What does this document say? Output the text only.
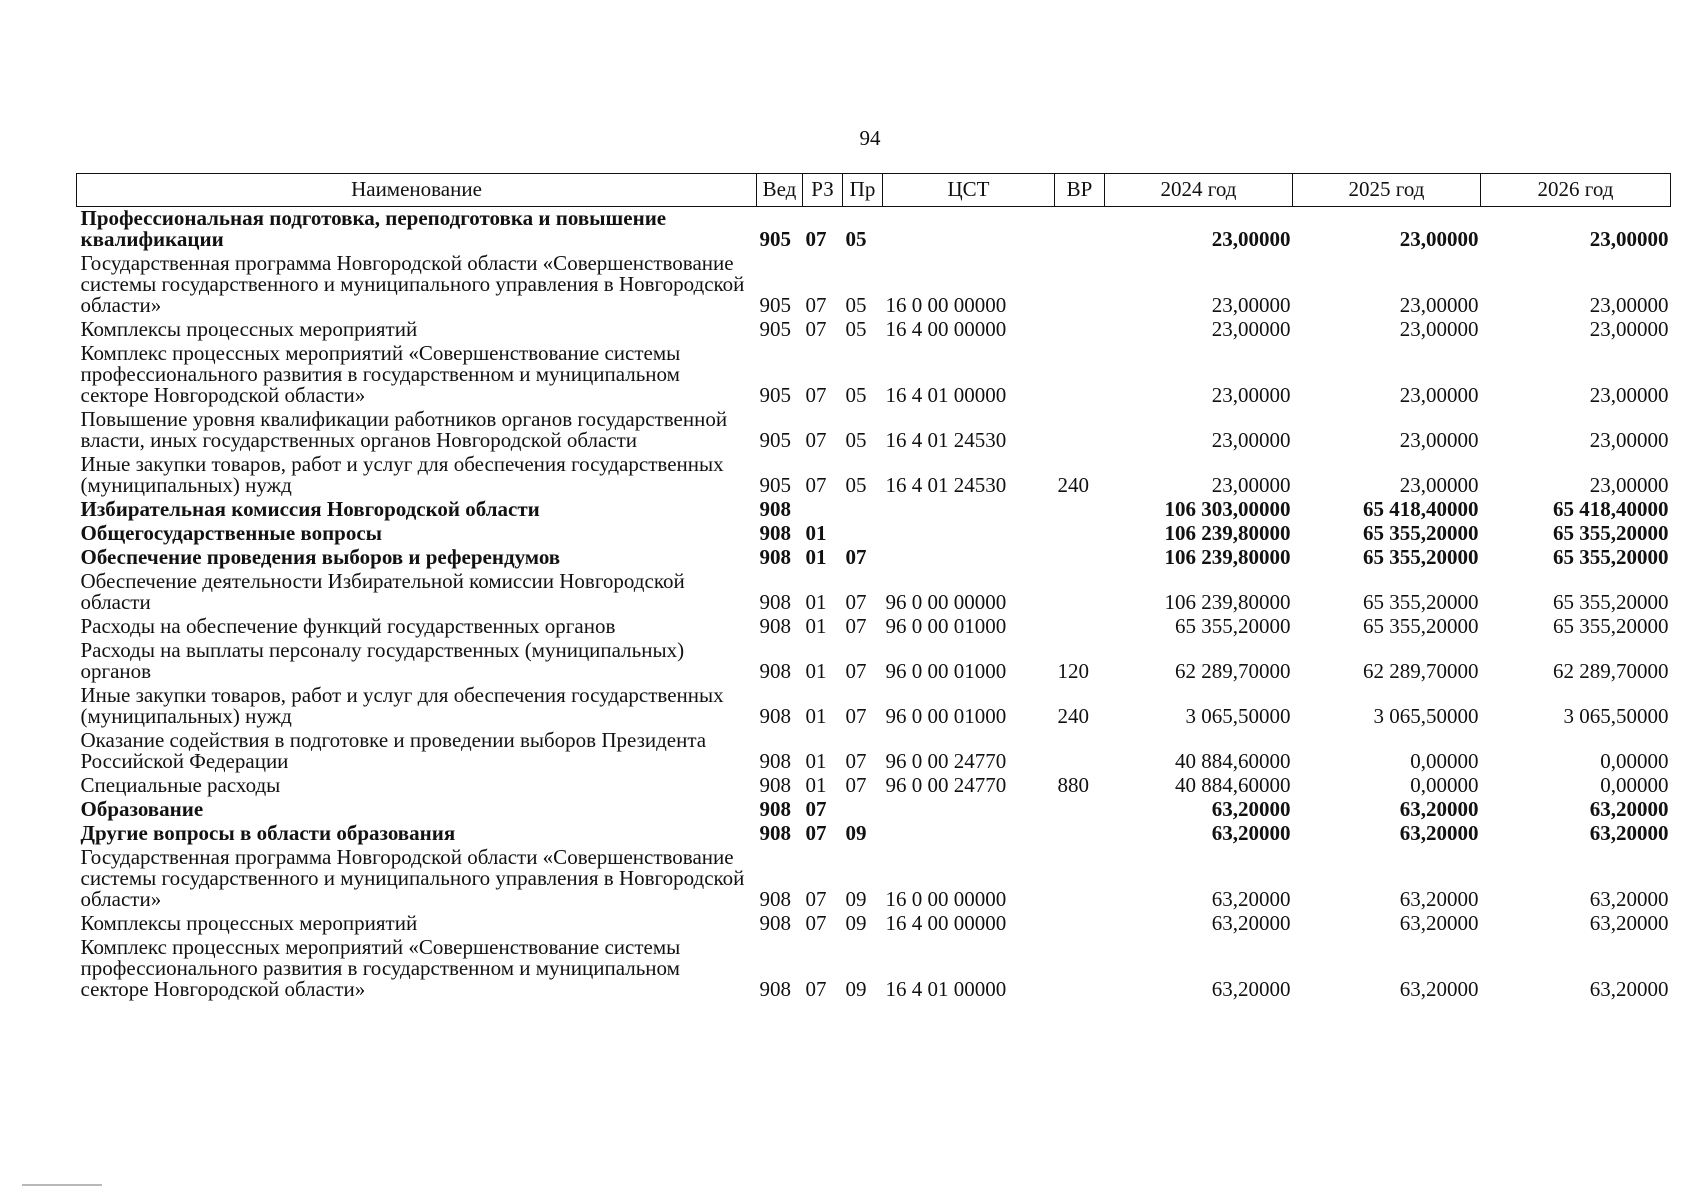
94
Наименование	Вед	РЗ	Пр	ЦСТ	ВР	2024 год	2025 год	2026 год
Профессиональная подготовка, переподготовка и повышение квалификации	905	07	05			23,00000	23,00000	23,00000
Государственная программа Новгородской области «Совершенствование системы государственного и муниципального управления в Новгородской области»	905	07	05	16 0 00 00000		23,00000	23,00000	23,00000
Комплексы процессных мероприятий	905	07	05	16 4 00 00000		23,00000	23,00000	23,00000
Комплекс процессных мероприятий «Совершенствование системы профессионального развития в государственном и муниципальном секторе Новгородской области»	905	07	05	16 4 01 00000		23,00000	23,00000	23,00000
Повышение уровня квалификации работников органов государственной власти, иных государственных органов Новгородской области	905	07	05	16 4 01 24530		23,00000	23,00000	23,00000
Иные закупки товаров, работ и услуг для обеспечения государственных (муниципальных) нужд	905	07	05	16 4 01 24530	240	23,00000	23,00000	23,00000
Избирательная комиссия Новгородской области	908					106 303,00000	65 418,40000	65 418,40000
Общегосударственные вопросы	908	01				106 239,80000	65 355,20000	65 355,20000
Обеспечение проведения выборов и референдумов	908	01	07			106 239,80000	65 355,20000	65 355,20000
Обеспечение деятельности Избирательной комиссии Новгородской области	908	01	07	96 0 00 00000		106 239,80000	65 355,20000	65 355,20000
Расходы на обеспечение функций государственных органов	908	01	07	96 0 00 01000		65 355,20000	65 355,20000	65 355,20000
Расходы на выплаты персоналу государственных (муниципальных) органов	908	01	07	96 0 00 01000	120	62 289,70000	62 289,70000	62 289,70000
Иные закупки товаров, работ и услуг для обеспечения государственных (муниципальных) нужд	908	01	07	96 0 00 01000	240	3 065,50000	3 065,50000	3 065,50000
Оказание содействия в подготовке и проведении выборов Президента Российской Федерации	908	01	07	96 0 00 24770		40 884,60000	0,00000	0,00000
Специальные расходы	908	01	07	96 0 00 24770	880	40 884,60000	0,00000	0,00000
Образование	908	07				63,20000	63,20000	63,20000
Другие вопросы в области образования	908	07	09			63,20000	63,20000	63,20000
Государственная программа Новгородской области «Совершенствование системы государственного и муниципального управления в Новгородской области»	908	07	09	16 0 00 00000		63,20000	63,20000	63,20000
Комплексы процессных мероприятий	908	07	09	16 4 00 00000		63,20000	63,20000	63,20000
Комплекс процессных мероприятий «Совершенствование системы профессионального развития в государственном и муниципальном секторе Новгородской области»	908	07	09	16 4 01 00000		63,20000	63,20000	63,20000
